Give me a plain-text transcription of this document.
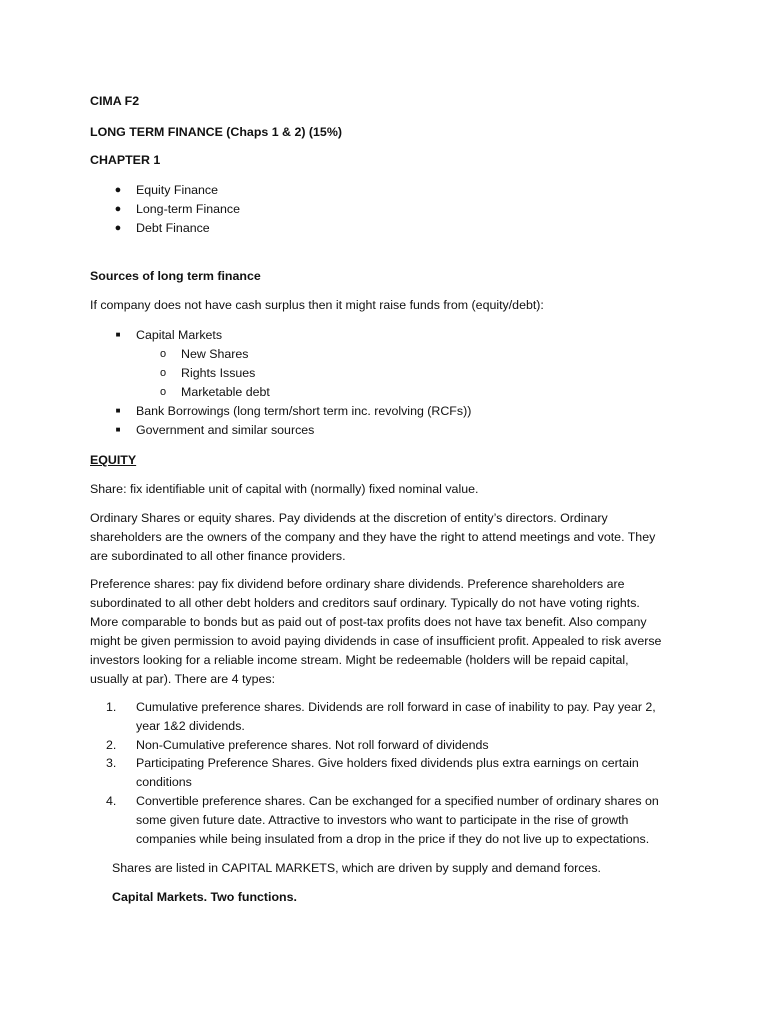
CIMA F2
LONG TERM FINANCE (Chaps 1 & 2) (15%)
CHAPTER 1
●	Equity Finance
●	Long-term Finance
●	Debt Finance
Sources of long term finance
If company does not have cash surplus then it might raise funds from (equity/debt):
■	Capital Markets
o	New Shares
o	Rights Issues
o	Marketable debt
■	Bank Borrowings (long term/short term inc. revolving (RCFs))
■	Government and similar sources
EQUITY
Share: fix identifiable unit of capital with (normally) fixed nominal value.
Ordinary Shares or equity shares. Pay dividends at the discretion of entity’s directors. Ordinary
shareholders are the owners of the company and they have the right to attend meetings and vote. They
are subordinated to all other finance providers.
Preference shares: pay fix dividend before ordinary share dividends. Preference shareholders are
subordinated to all other debt holders and creditors sauf ordinary. Typically do not have voting rights.
More comparable to bonds but as paid out of post-tax profits does not have tax benefit. Also company
might be given permission to avoid paying dividends in case of insufficient profit. Appealed to risk averse
investors looking for a reliable income stream. Might be redeemable (holders will be repaid capital,
usually at par). There are 4 types:
1.	Cumulative preference shares. Dividends are roll forward in case of inability to pay. Pay year 2,
year 1&2 dividends.
2.	Non-Cumulative preference shares. Not roll forward of dividends
3.	Participating Preference Shares. Give holders fixed dividends plus extra earnings on certain
conditions
4.	Convertible preference shares. Can be exchanged for a specified number of ordinary shares on
some given future date. Attractive to investors who want to participate in the rise of growth
companies while being insulated from a drop in the price if they do not live up to expectations.
Shares are listed in CAPITAL MARKETS, which are driven by supply and demand forces.
Capital Markets. Two functions.
